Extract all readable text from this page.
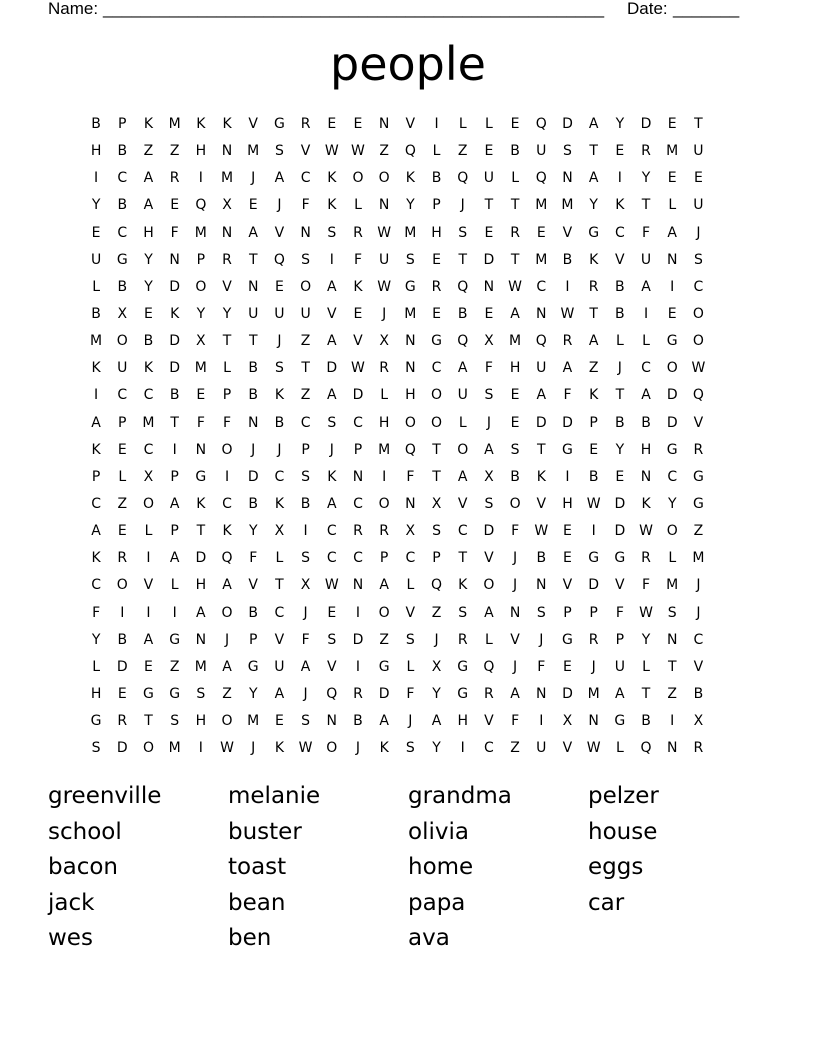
Name: _____________________________________________________ Date: _______
people
B	P	K	M	K	K	V	G	R	E	E	N	V	I	L	L	E	Q	D	A	Y	D	E	T
H	B	Z	Z	H	N	M	S	V	W W	Z	Q	L	Z	E	B	U	S	T	E	R	M	U
I	C	A	R	I	M	J	A	C	K	O	O	K	B	Q	U	L	Q	N	A	I	Y	E	E
Y	B	A	E	Q	X	E	J	F	K	L	N	Y	P	J	T	T	M	M	Y	K	T	L	U
E	C	H	F	M	N	A	V	N	S	R	W M	H	S	E	R	E	V	G	C	F	A	J
U	G	Y	N	P	R	T	Q	S	I	F	U	S	E	T	D	T	M	B	K	V	U	N	S
L	B	Y	D	O	V	N	E	O	A	K	W G	R	Q	N	W	C	I	R	B	A	I	C
B	X	E	K	Y	Y	U	U	U	V	E	J	M	E	B	E	A	N	W	T	B	I	E	O
M	O	B	D	X	T	T	J	Z	A	V	X	N	G	Q	X	M	Q	R	A	L	L	G	O
K	U	K	D	M	L	B	S	T	D W	R	N	C	A	F	H	U	A	Z	J	C	O W
I	C	C	B	E	P	B	K	Z	A	D	L	H	O	U	S	E	A	F	K	T	A	D	Q
A	P	M	T	F	F	N	B	C	S	C	H	O	O	L	J	E	D	D	P	B	B	D	V
K	E	C	I	N	O	J	J	P	J	P	M	Q	T	O	A	S	T	G	E	Y	H	G	R
P	L	X	P	G	I	D	C	S	K	N	I	F	T	A	X	B	K	I	B	E	N	C	G
C	Z	O	A	K	C	B	K	B	A	C	O	N	X	V	S	O	V	H	W D	K	Y	G
A	E	L	P	T	K	Y	X	I	C	R	R	X	S	C	D	F	W	E	I	D W O	Z
K	R	I	A	D	Q	F	L	S	C	C	P	C	P	T	V	J	B	E	G	G	R	L	M
C	O	V	L	H	A	V	T	X	W	N	A	L	Q	K	O	J	N	V	D	V	F	M	J
F	I	I	I	A	O	B	C	J	E	I	O	V	Z	S	A	N	S	P	P	F	W	S	J
Y	B	A	G	N	J	P	V	F	S	D	Z	S	J	R	L	V	J	G	R	P	Y	N	C
L	D	E	Z	M	A	G	U	A	V	I	G	L	X	G	Q	J	F	E	J	U	L	T	V
H	E	G	G	S	Z	Y	A	J	Q	R	D	F	Y	G	R	A	N	D	M	A	T	Z	B
G	R	T	S	H	O	M	E	S	N	B	A	J	A	H	V	F	I	X	N	G	B	I	X
S	D	O	M	I	W	J	K	W O	J	K	S	Y	I	C	Z	U	V	W	L	Q	N	R
greenville
school
bacon
jack
wes
melanie
buster
toast
bean
ben
grandma
olivia
home
papa
ava
pelzer
house
eggs
car
